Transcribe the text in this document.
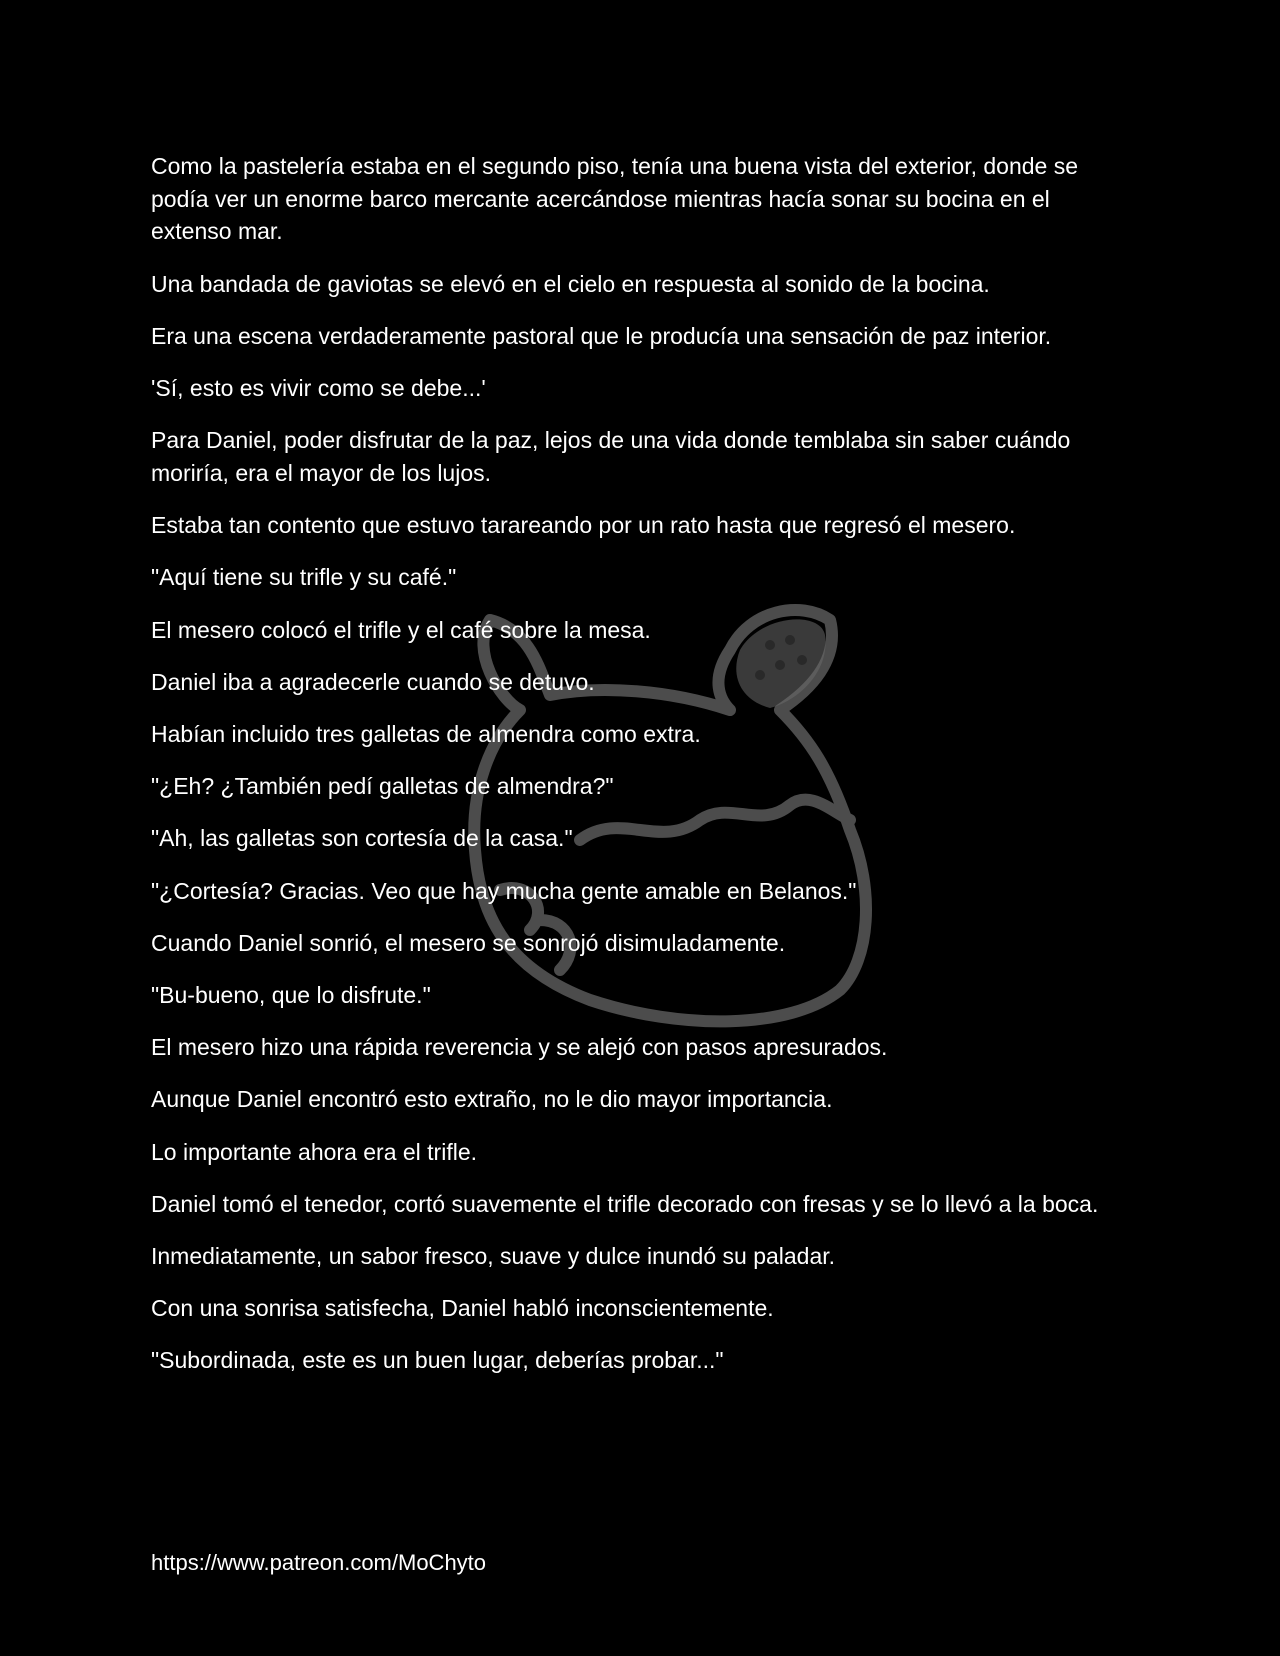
Como la pastelería estaba en el segundo piso, tenía una buena vista del exterior, donde se podía ver un enorme barco mercante acercándose mientras hacía sonar su bocina en el extenso mar.

Una bandada de gaviotas se elevó en el cielo en respuesta al sonido de la bocina.

Era una escena verdaderamente pastoral que le producía una sensación de paz interior.

'Sí, esto es vivir como se debe...'

Para Daniel, poder disfrutar de la paz, lejos de una vida donde temblaba sin saber cuándo moriría, era el mayor de los lujos.

Estaba tan contento que estuvo tarareando por un rato hasta que regresó el mesero.

"Aquí tiene su trifle y su café."

El mesero colocó el trifle y el café sobre la mesa.

Daniel iba a agradecerle cuando se detuvo.

Habían incluido tres galletas de almendra como extra.

"¿Eh? ¿También pedí galletas de almendra?"

"Ah, las galletas son cortesía de la casa."

"¿Cortesía? Gracias. Veo que hay mucha gente amable en Belanos."

Cuando Daniel sonrió, el mesero se sonrojó disimuladamente.

"Bu-bueno, que lo disfrute."

El mesero hizo una rápida reverencia y se alejó con pasos apresurados.

Aunque Daniel encontró esto extraño, no le dio mayor importancia.

Lo importante ahora era el trifle.

Daniel tomó el tenedor, cortó suavemente el trifle decorado con fresas y se lo llevó a la boca.

Inmediatamente, un sabor fresco, suave y dulce inundó su paladar.

Con una sonrisa satisfecha, Daniel habló inconscientemente.

"Subordinada, este es un buen lugar, deberías probar..."

https://www.patreon.com/MoChyto
